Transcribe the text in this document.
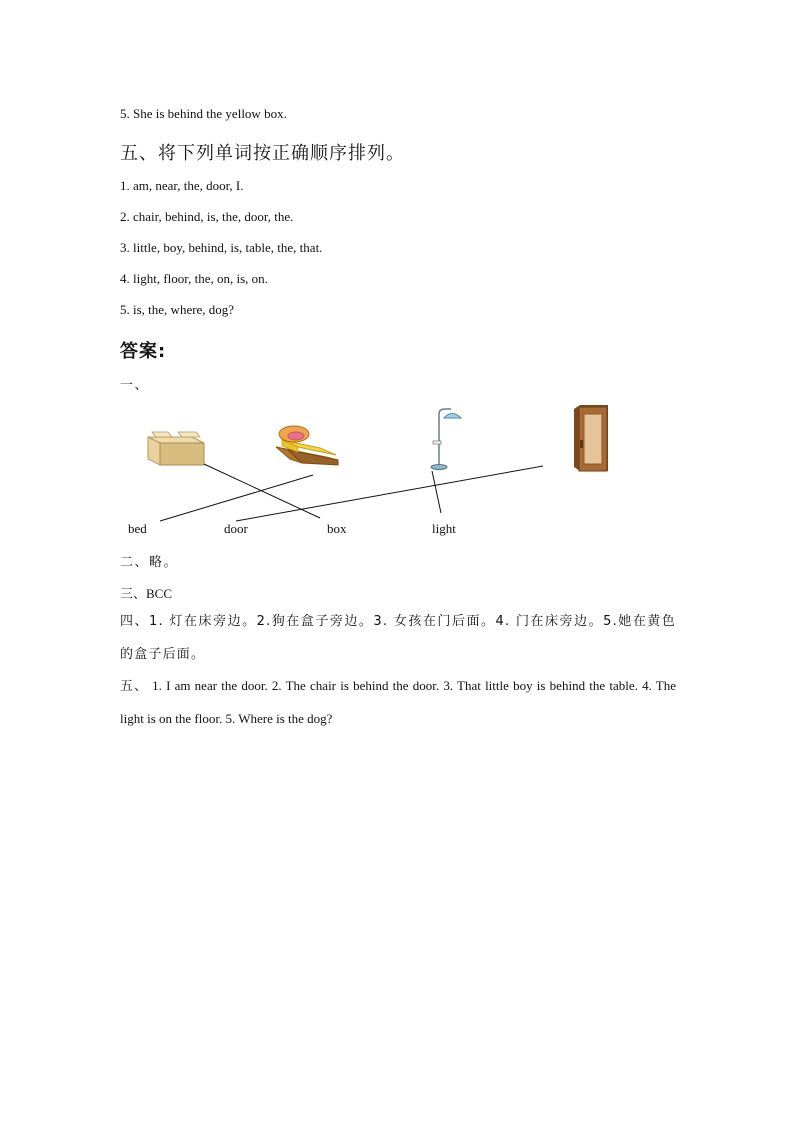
5. She is behind the yellow box.
五、将下列单词按正确顺序排列。
1. am, near, the, door, I.
2. chair, behind, is, the, door, the.
3. little, boy, behind, is, table, the, that.
4. light, floor, the, on, is, on.
5. is, the, where, dog?
答案:
一、
bed	door	box	light
二、略。
三、BCC
四、1. 灯在床旁边。2.狗在盒子旁边。3. 女孩在门后面。4. 门在床旁边。5.她在黄色的盒子后面。
五、 1. I am near the door. 2. The chair is behind the door. 3. That little boy is behind the table. 4. The light is on the floor. 5. Where is the dog?
